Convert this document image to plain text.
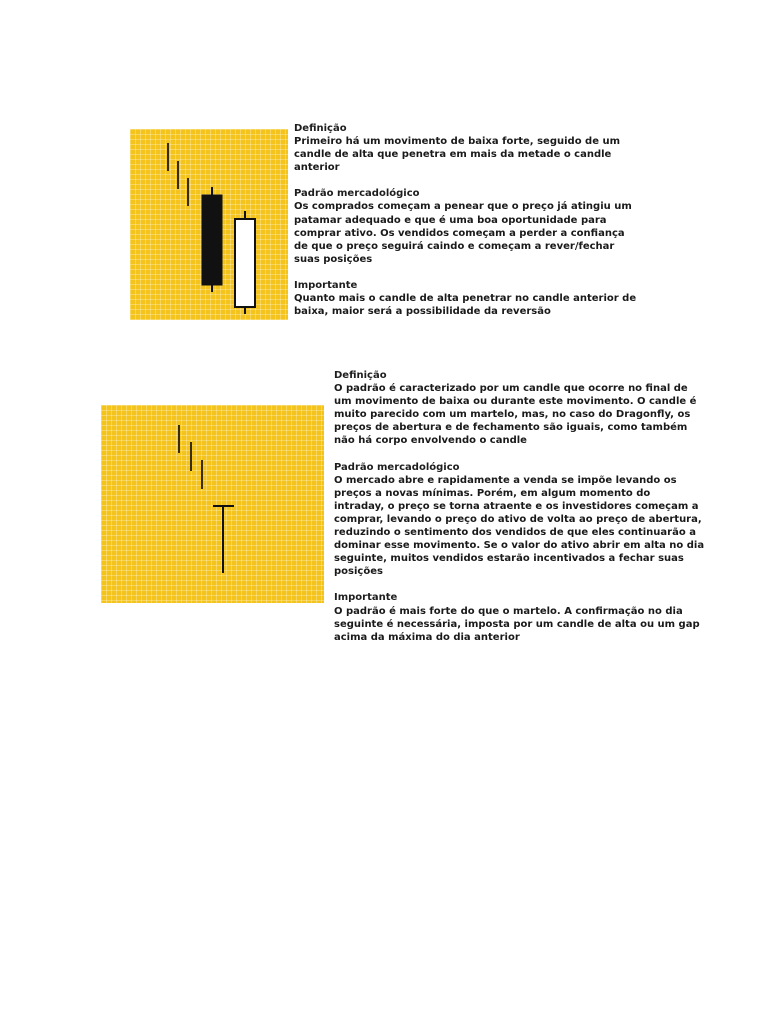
Definição
Primeiro há um movimento de baixa forte, seguido de um
candle de alta que penetra em mais da metade o candle
anterior
Padrão mercadológico
Os comprados começam a penear que o preço já atingiu um
patamar adequado e que é uma boa oportunidade para
comprar ativo. Os vendidos começam a perder a confiança
de que o preço seguirá caindo e começam a rever/fechar
suas posições
Importante
Quanto mais o candle de alta penetrar no candle anterior de
baixa, maior será a possibilidade da reversão
Definição
O padrão é caracterizado por um candle que ocorre no final de
um movimento de baixa ou durante este movimento. O candle é
muito parecido com um martelo, mas, no caso do Dragonfly, os
preços de abertura e de fechamento são iguais, como também
não há corpo envolvendo o candle
Padrão mercadológico
O mercado abre e rapidamente a venda se impõe levando os
preços a novas mínimas. Porém, em algum momento do
intraday, o preço se torna atraente e os investidores começam a
comprar, levando o preço do ativo de volta ao preço de abertura,
reduzindo o sentimento dos vendidos de que eles continuarão a
dominar esse movimento. Se o valor do ativo abrir em alta no dia
seguinte, muitos vendidos estarão incentivados a fechar suas
posições
Importante
O padrão é mais forte do que o martelo. A confirmação no dia
seguinte é necessária, imposta por um candle de alta ou um gap
acima da máxima do dia anterior
